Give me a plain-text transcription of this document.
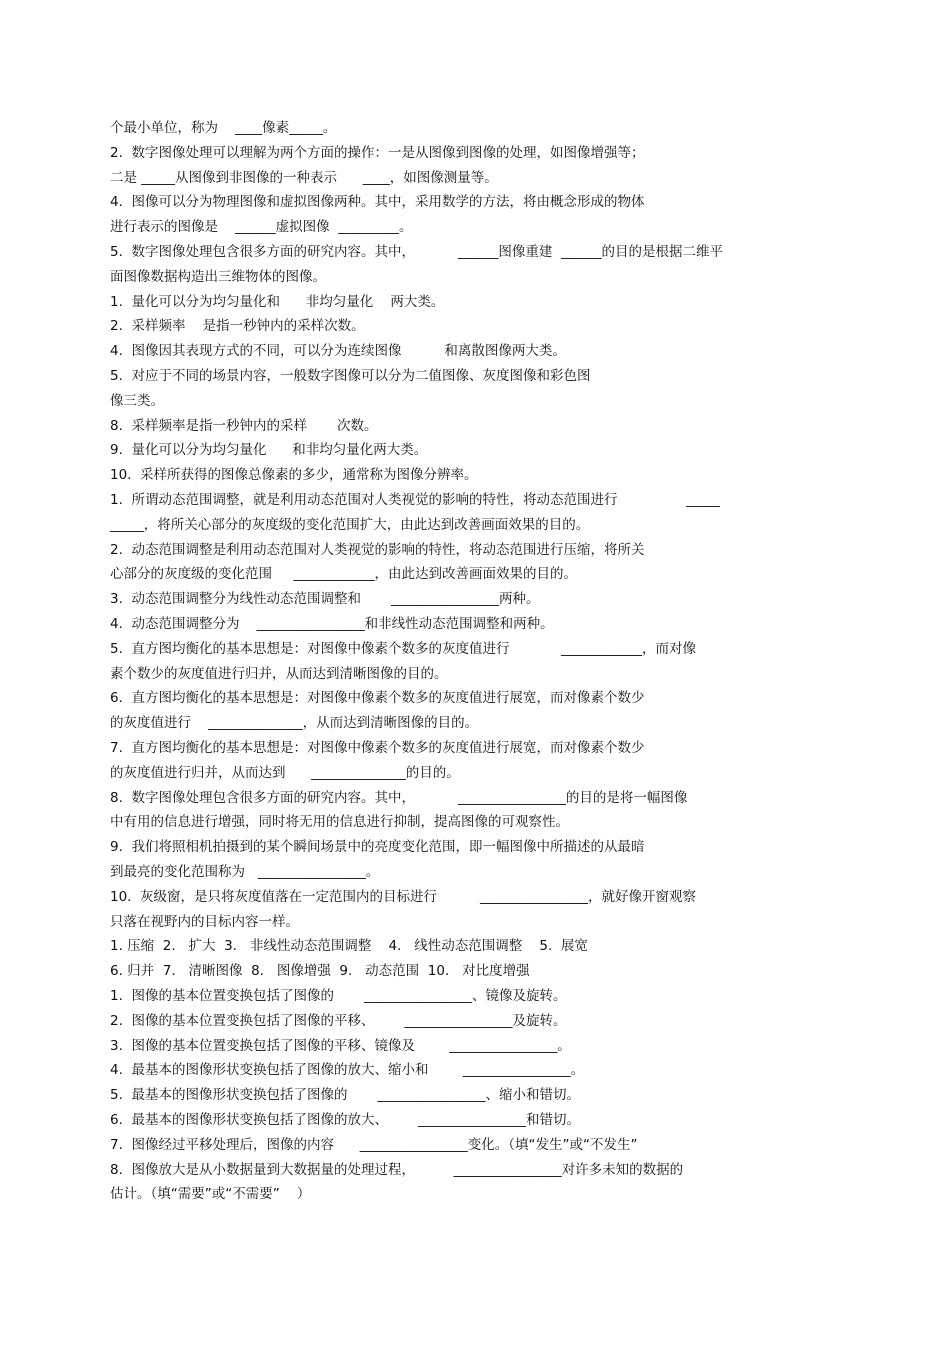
个最小单位，称为    ____像素_____。
2.  数字图像处理可以理解为两个方面的操作：一是从图像到图像的处理，如图像增强等；
二是 _____从图像到非图像的一种表示      ____，如图像测量等。
4.  图像可以分为物理图像和虚拟图像两种。其中，采用数学的方法，将由概念形成的物体
进行表示的图像是    ______虚拟图像  _________。
5.  数字图像处理包含很多方面的研究内容。其中，          ______图像重建  ______的目的是根据二维平
面图像数据构造出三维物体的图像。
1.  量化可以分为均匀量化和      非均匀量化    两大类。
2.  采样频率    是指一秒钟内的采样次数。
4.  图像因其表现方式的不同，可以分为连续图像          和离散图像两大类。
5.  对应于不同的场景内容，一般数字图像可以分为二值图像、灰度图像和彩色图
像三类。
8.  采样频率是指一秒钟内的采样       次数。
9.  量化可以分为均匀量化      和非均匀量化两大类。
10.  采样所获得的图像总像素的多少，通常称为图像分辨率。
1.  所谓动态范围调整，就是利用动态范围对人类视觉的影响的特性，将动态范围进行                _____
_____，将所关心部分的灰度级的变化范围扩大，由此达到改善画面效果的目的。
2.  动态范围调整是利用动态范围对人类视觉的影响的特性，将动态范围进行压缩，将所关
心部分的灰度级的变化范围     ____________，由此达到改善画面效果的目的。
3.  动态范围调整分为线性动态范围调整和       ________________两种。
4.  动态范围调整分为    ________________和非线性动态范围调整和两种。
5.  直方图均衡化的基本思想是：对图像中像素个数多的灰度值进行            ____________，而对像
素个数少的灰度值进行归并，从而达到清晰图像的目的。
6.  直方图均衡化的基本思想是：对图像中像素个数多的灰度值进行展宽，而对像素个数少
的灰度值进行    ______________，从而达到清晰图像的目的。
7.  直方图均衡化的基本思想是：对图像中像素个数多的灰度值进行展宽，而对像素个数少
的灰度值进行归并，从而达到      ______________的目的。
8.  数字图像处理包含很多方面的研究内容。其中，          ________________的目的是将一幅图像
中有用的信息进行增强，同时将无用的信息进行抑制，提高图像的可观察性。
9.  我们将照相机拍摄到的某个瞬间场景中的亮度变化范围，即一幅图像中所描述的从最暗
到最亮的变化范围称为   ________________。
10.  灰级窗，是只将灰度值落在一定范围内的目标进行          ________________，就好像开窗观察
只落在视野内的目标内容一样。
1. 压缩  2.   扩大  3.   非线性动态范围调整    4.   线性动态范围调整    5.  展宽
6. 归并  7.   清晰图像  8.   图像增强  9.   动态范围  10.   对比度增强
1.  图像的基本位置变换包括了图像的       ________________、镜像及旋转。
2.  图像的基本位置变换包括了图像的平移、       ________________及旋转。
3.  图像的基本位置变换包括了图像的平移、镜像及        ________________。
4.  最基本的图像形状变换包括了图像的放大、缩小和        ________________。
5.  最基本的图像形状变换包括了图像的       ________________、缩小和错切。
6.  最基本的图像形状变换包括了图像的放大、       ________________和错切。
7.  图像经过平移处理后，图像的内容      ________________变化。（填“发生”或“不发生”
8.  图像放大是从小数据量到大数据量的处理过程，         ________________对许多未知的数据的
估计。（填“需要”或“不需要”    ）
